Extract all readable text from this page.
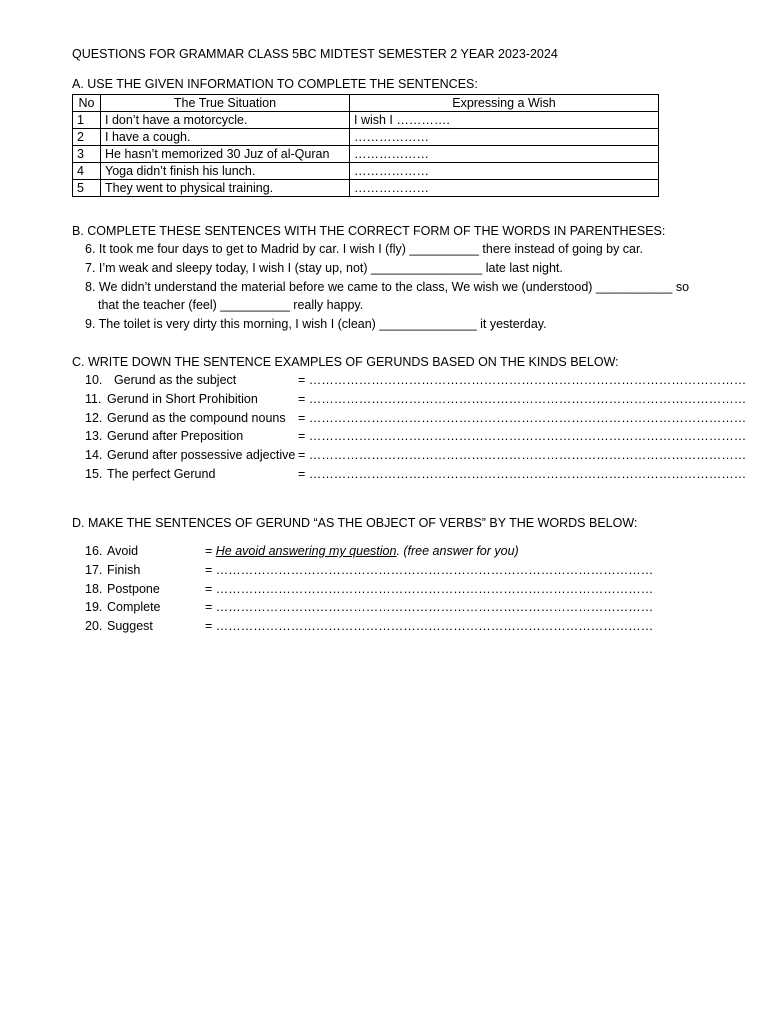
QUESTIONS FOR GRAMMAR CLASS 5BC MIDTEST SEMESTER 2 YEAR 2023-2024
A. USE THE GIVEN INFORMATION TO COMPLETE THE SENTENCES:
No	The True Situation	Expressing a Wish
1	I don’t have a motorcycle.	I wish I ………….
2	I have a cough.	………………
3	He hasn’t memorized 30 Juz of al-Quran	………………
4	Yoga didn’t finish his lunch.	………………
5	They went to physical training.	………………
B. COMPLETE THESE SENTENCES WITH THE CORRECT FORM OF THE WORDS IN PARENTHESES:
6. It took me four days to get to Madrid by car. I wish I (fly) __________ there instead of going by car.
7. I’m weak and sleepy today, I wish I (stay up, not) ________________ late last night.
8. We didn’t understand the material before we came to the class, We wish we (understood) ___________ so
that the teacher (feel) __________ really happy.
9. The toilet is very dirty this morning, I wish I (clean) ______________ it yesterday.
C. WRITE DOWN THE SENTENCE EXAMPLES OF GERUNDS BASED ON THE KINDS BELOW:
10. Gerund as the subject	= ……………………………………………………………………………………………
11. Gerund in Short Prohibition	= ……………………………………………………………………………………………
12. Gerund as the compound nouns = ……………………………………………………………………………………………
13. Gerund after Preposition	= ……………………………………………………………………………………………
14. Gerund after possessive adjective = ……………………………………………………………………………………………
15. The perfect Gerund	= ……………………………………………………………………………………………
D. MAKE THE SENTENCES OF GERUND “AS THE OBJECT OF VERBS” BY THE WORDS BELOW:
16. Avoid	= He avoid answering my question. (free answer for you)
17. Finish	= ……………………………………………………………………………………………
18. Postpone	= ……………………………………………………………………………………………
19. Complete	= ……………………………………………………………………………………………
20. Suggest	= ……………………………………………………………………………………………
